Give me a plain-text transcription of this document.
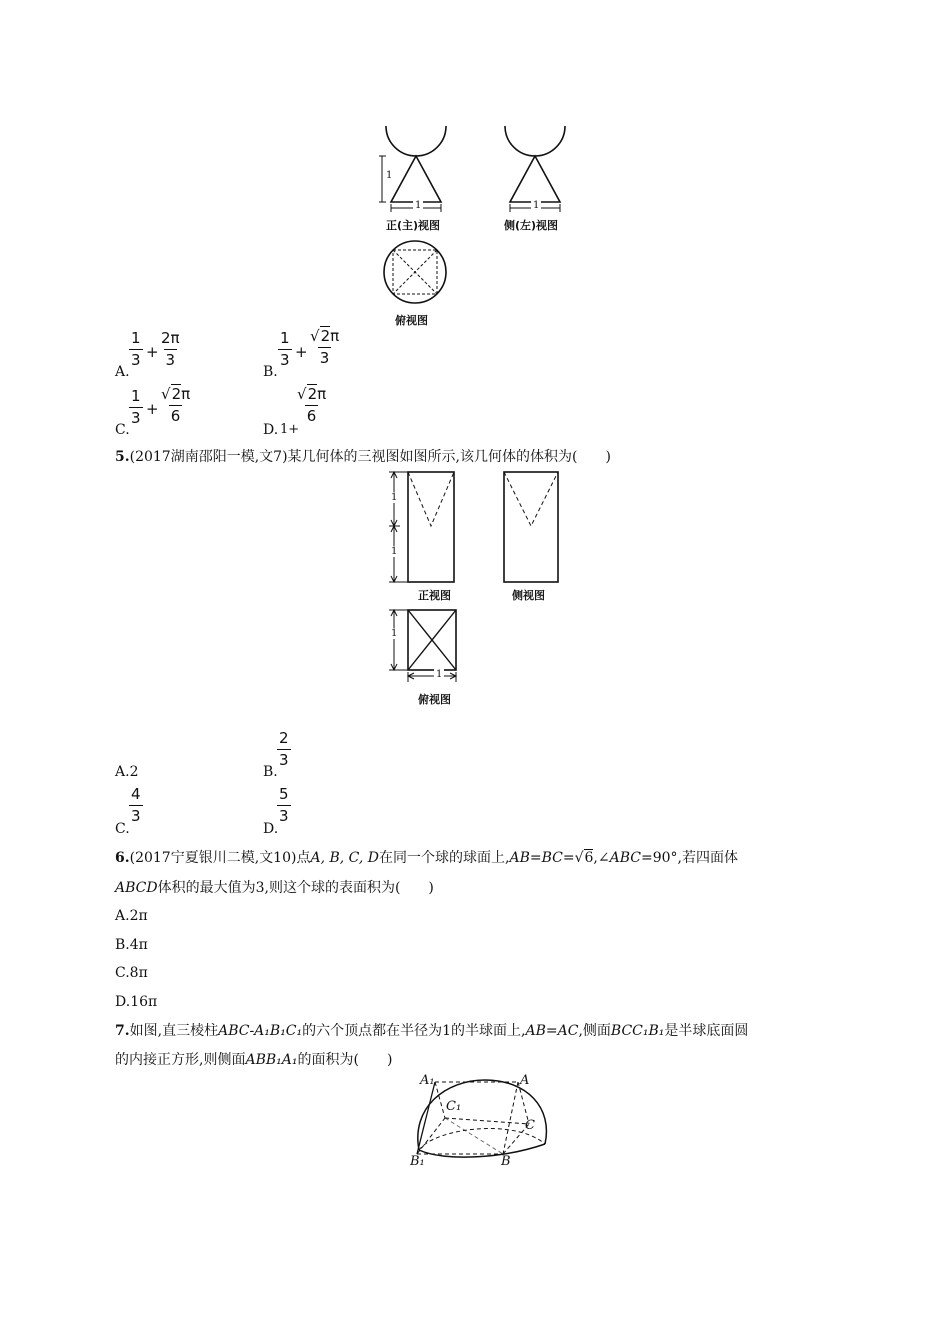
1
1
正(主)视图
1
侧(左)视图
俯视图
A.
$\frac{1}{3} + \frac{2\pi}{3}$
B.
$\frac{1}{3} + \frac{√2\pi}{3}$
C.
$\frac{1}{3} + \frac{√2\pi}{6}$
D. 1+
$\frac{√2\pi}{6}$
5.(2017湖南邵阳一模,文7)某几何体的三视图如图所示,该几何体的体积为(　　)
1
1
正视图	侧视图
1
1
俯视图
A.2	B.
$\frac{2}{3}$
C.
$\frac{4}{3}$
D.
$\frac{5}{3}$
6.(2017宁夏银川二模,文10)点A, B, C, D在同一个球的球面上,AB=BC=√6,∠ABC=90°,若四面体
ABCD体积的最大值为3,则这个球的表面积为(　　)
A.2π
B.4π
C.8π
D.16π
7.如图,直三棱柱ABC-A₁B₁C₁的六个顶点都在半径为1的半球面上,AB=AC,侧面BCC₁B₁是半球底面圆
的内接正方形,则侧面ABB₁A₁的面积为(　　)
A₁	A
C₁
C
B₁	B
